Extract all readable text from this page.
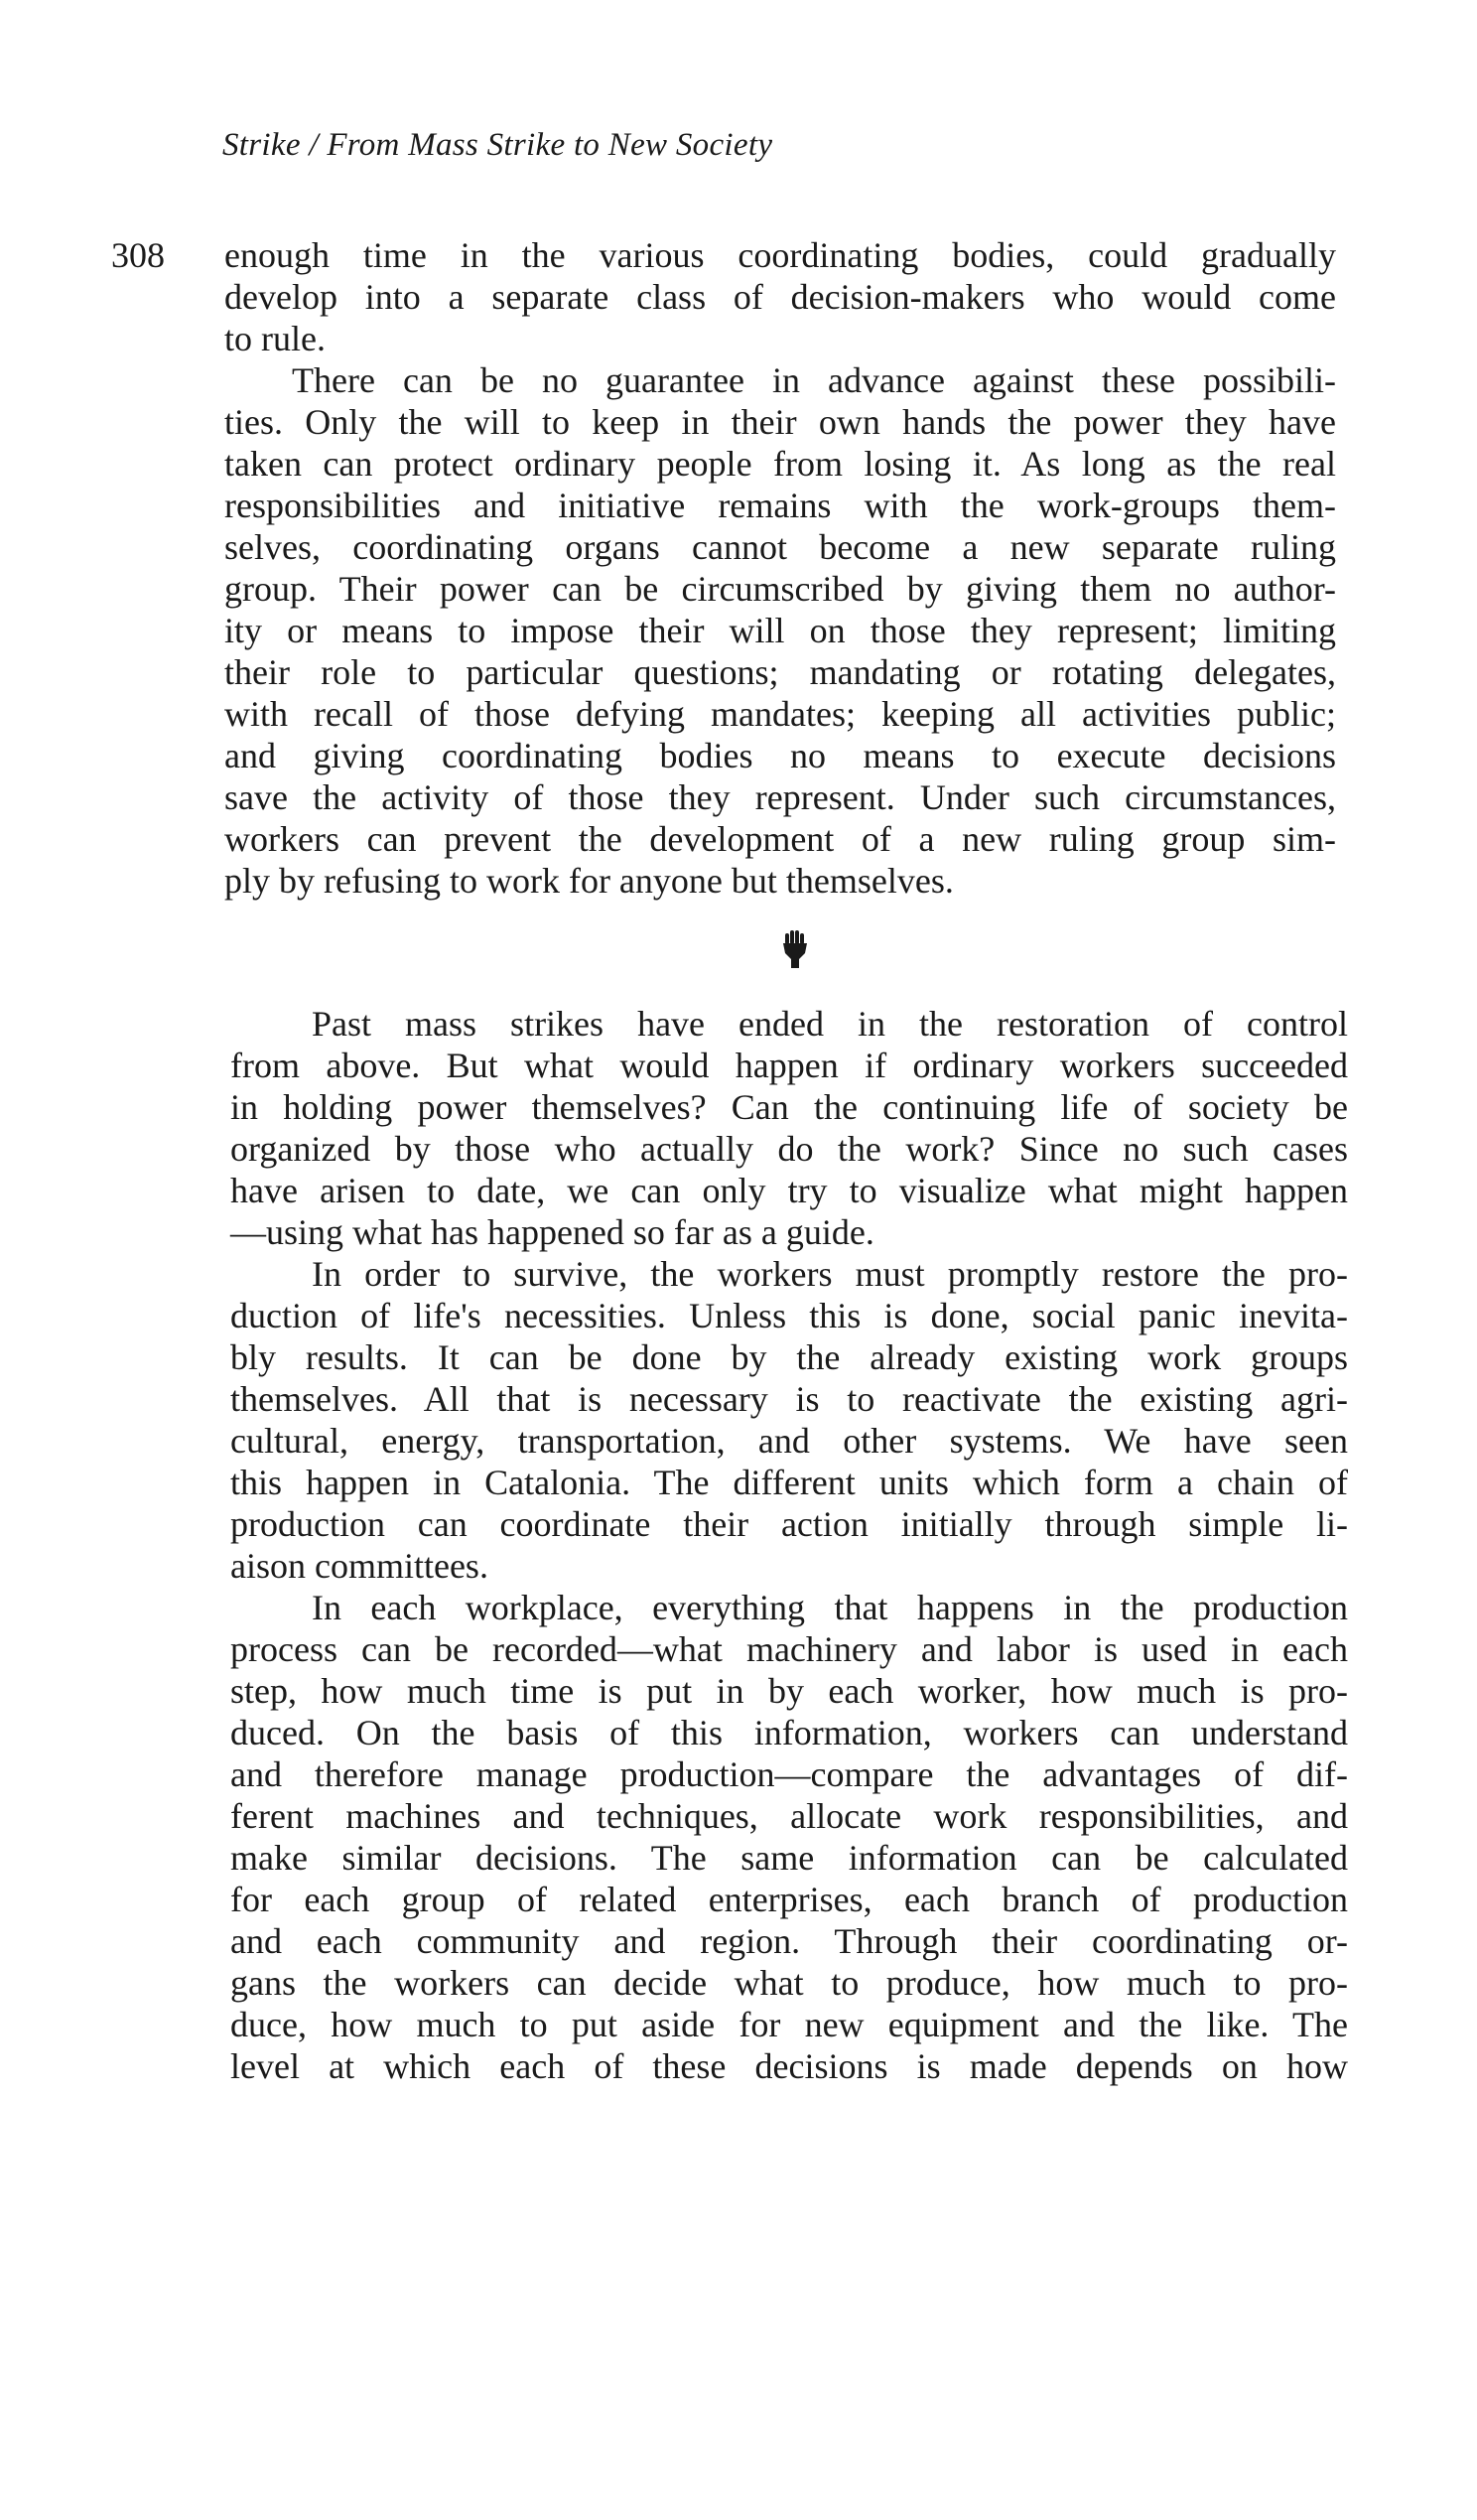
Strike / From Mass Strike to New Society
308 enough time in the various coordinating bodies, could gradually
develop into a separate class of decision-makers who would come
to rule.
There can be no guarantee in advance against these possibili-
ties. Only the will to keep in their own hands the power they have
taken can protect ordinary people from losing it. As long as the real
responsibilities and initiative remains with the work-groups them-
selves, coordinating organs cannot become a new separate ruling
group. Their power can be circumscribed by giving them no author-
ity or means to impose their will on those they represent; limiting
their role to particular questions; mandating or rotating delegates,
with recall of those defying mandates; keeping all activities public;
and giving coordinating bodies no means to execute decisions
save the activity of those they represent. Under such circumstances,
workers can prevent the development of a new ruling group sim-
ply by refusing to work for anyone but themselves.
Past mass strikes have ended in the restoration of control
from above. But what would happen if ordinary workers succeeded
in holding power themselves? Can the continuing life of society be
organized by those who actually do the work? Since no such cases
have arisen to date, we can only try to visualize what might happen
—using what has happened so far as a guide.
In order to survive, the workers must promptly restore the pro-
duction of life's necessities. Unless this is done, social panic inevita-
bly results. It can be done by the already existing work groups
themselves. All that is necessary is to reactivate the existing agri-
cultural, energy, transportation, and other systems. We have seen
this happen in Catalonia. The different units which form a chain of
production can coordinate their action initially through simple li-
aison committees.
In each workplace, everything that happens in the production
process can be recorded—what machinery and labor is used in each
step, how much time is put in by each worker, how much is pro-
duced. On the basis of this information, workers can understand
and therefore manage production—compare the advantages of dif-
ferent machines and techniques, allocate work responsibilities, and
make similar decisions. The same information can be calculated
for each group of related enterprises, each branch of production
and each community and region. Through their coordinating or-
gans the workers can decide what to produce, how much to pro-
duce, how much to put aside for new equipment and the like. The
level at which each of these decisions is made depends on how
